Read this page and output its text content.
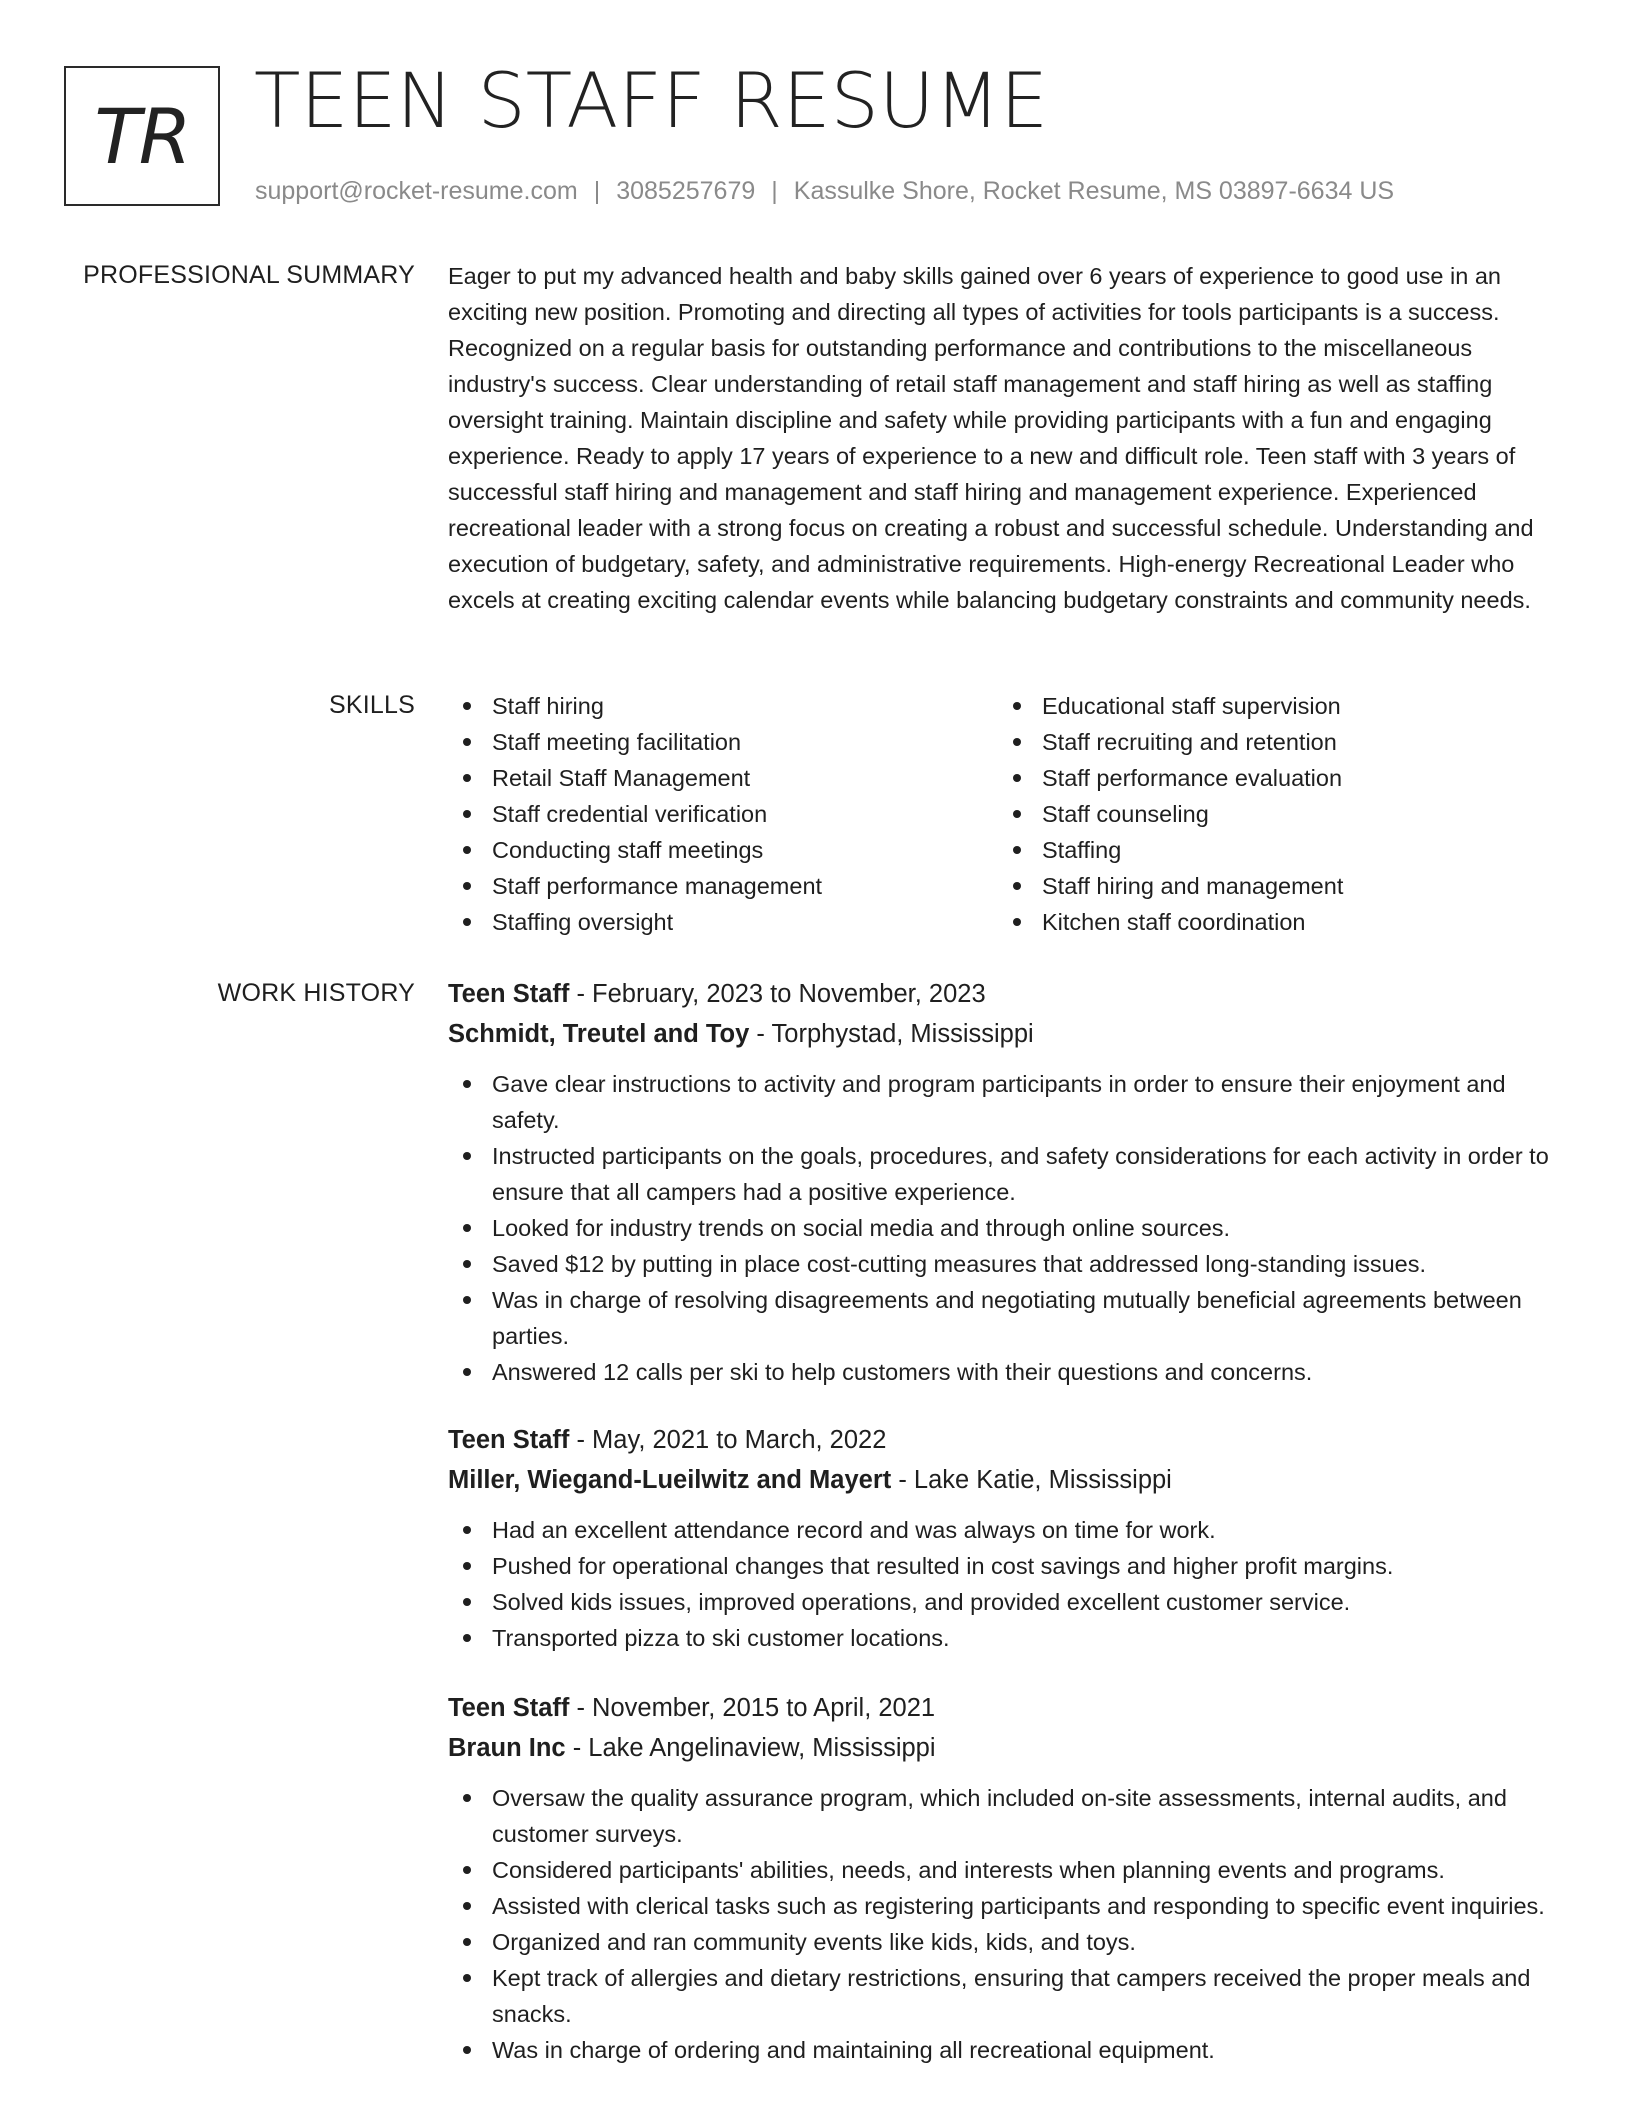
TR TEEN STAFF RESUME
support@rocket-resume.com | 3085257679 | Kassulke Shore, Rocket Resume, MS 03897-6634 US
PROFESSIONAL SUMMARY Eager to put my advanced health and baby skills gained over 6 years of experience to good use in an exciting new position. Promoting and directing all types of activities for tools participants is a success. Recognized on a regular basis for outstanding performance and contributions to the miscellaneous industry's success. Clear understanding of retail staff management and staff hiring as well as staffing oversight training. Maintain discipline and safety while providing participants with a fun and engaging experience. Ready to apply 17 years of experience to a new and difficult role. Teen staff with 3 years of successful staff hiring and management and staff hiring and management experience. Experienced recreational leader with a strong focus on creating a robust and successful schedule. Understanding and execution of budgetary, safety, and administrative requirements. High-energy Recreational Leader who excels at creating exciting calendar events while balancing budgetary constraints and community needs.

SKILLS	Staff hiring
Staff meeting facilitation
Retail Staff Management
Staff credential verification
Conducting staff meetings
Staff performance management
Staffing oversight
Educational staff supervision
Staff recruiting and retention
Staff performance evaluation
Staff counseling
Staffing
Staff hiring and management
Kitchen staff coordination
WORK HISTORY Teen Staff - February, 2023 to November, 2023
Schmidt, Treutel and Toy - Torphystad, Mississippi
Gave clear instructions to activity and program participants in order to ensure their enjoyment and safety.
Instructed participants on the goals, procedures, and safety considerations for each activity in order to ensure that all campers had a positive experience.
Looked for industry trends on social media and through online sources.
Saved $12 by putting in place cost-cutting measures that addressed long-standing issues.
Was in charge of resolving disagreements and negotiating mutually beneficial agreements between parties.
Answered 12 calls per ski to help customers with their questions and concerns.
Teen Staff - May, 2021 to March, 2022
Miller, Wiegand-Lueilwitz and Mayert - Lake Katie, Mississippi
Had an excellent attendance record and was always on time for work.
Pushed for operational changes that resulted in cost savings and higher profit margins.
Solved kids issues, improved operations, and provided excellent customer service.
Transported pizza to ski customer locations.
Teen Staff - November, 2015 to April, 2021
Braun Inc - Lake Angelinaview, Mississippi
Oversaw the quality assurance program, which included on-site assessments, internal audits, and customer surveys.
Considered participants' abilities, needs, and interests when planning events and programs.
Assisted with clerical tasks such as registering participants and responding to specific event inquiries.
Organized and ran community events like kids, kids, and toys.
Kept track of allergies and dietary restrictions, ensuring that campers received the proper meals and snacks.
Was in charge of ordering and maintaining all recreational equipment.
